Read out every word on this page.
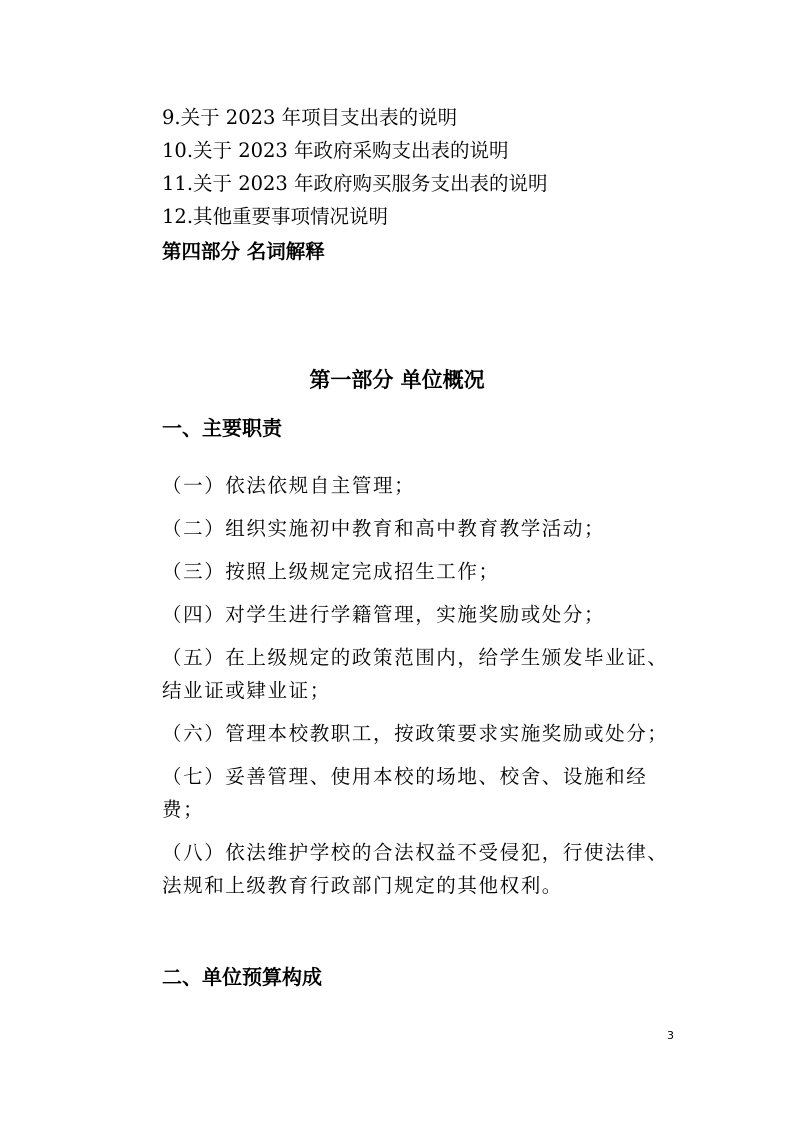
9.关于 2023 年项目支出表的说明
10.关于 2023 年政府采购支出表的说明
11.关于 2023 年政府购买服务支出表的说明
12.其他重要事项情况说明
第四部分 名词解释
第一部分 单位概况
一、主要职责

（一）依法依规自主管理；

（二）组织实施初中教育和高中教育教学活动；

（三）按照上级规定完成招生工作；

（四）对学生进行学籍管理，实施奖励或处分；

（五）在上级规定的政策范围内，给学生颁发毕业证、结业证或肄业证；

（六）管理本校教职工，按政策要求实施奖励或处分；

（七）妥善管理、使用本校的场地、校舍、设施和经费；

（八）依法维护学校的合法权益不受侵犯，行使法律、法规和上级教育行政部门规定的其他权利。

二、单位预算构成
3
